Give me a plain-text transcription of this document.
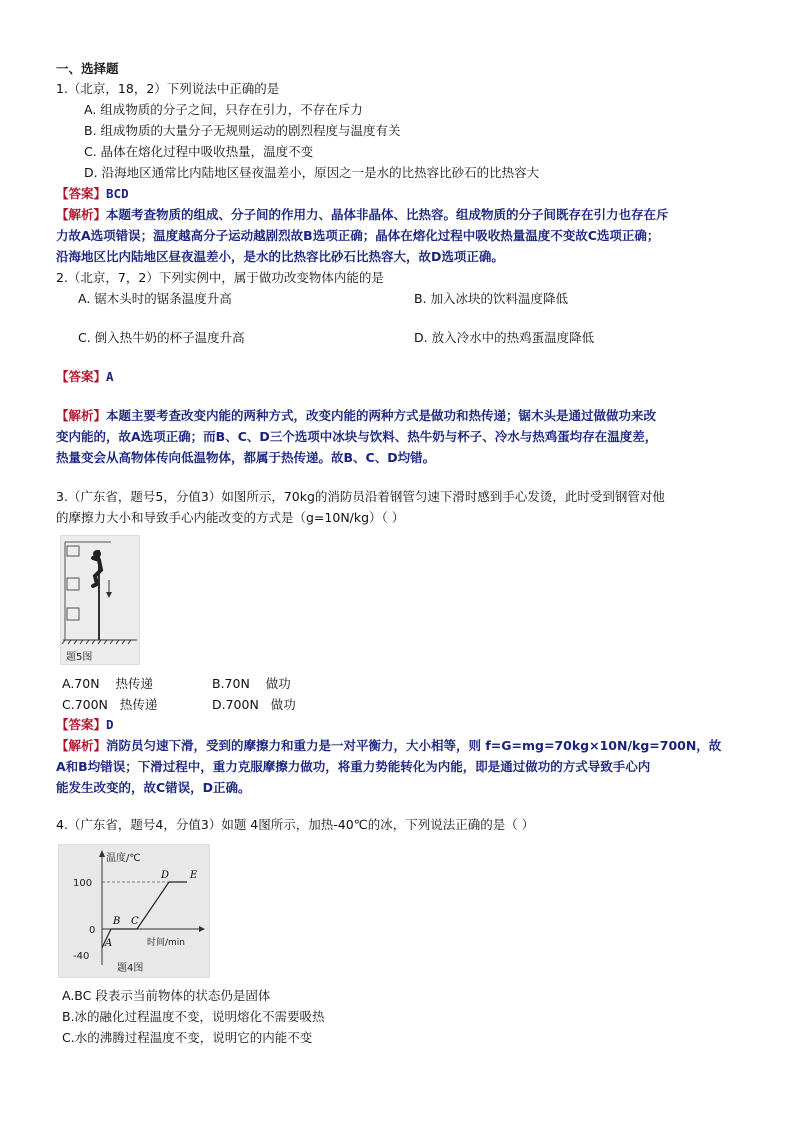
一、选择题
1.（北京，18，2）下列说法中正确的是
A. 组成物质的分子之间，只存在引力，不存在斥力
B. 组成物质的大量分子无规则运动的剧烈程度与温度有关
C. 晶体在熔化过程中吸收热量，温度不变
D. 沿海地区通常比内陆地区昼夜温差小，原因之一是水的比热容比砂石的比热容大
【答案】BCD
【解析】本题考查物质的组成、分子间的作用力、晶体非晶体、比热容。组成物质的分子间既存在引力也存在斥
力故A选项错误；温度越高分子运动越剧烈故B选项正确；晶体在熔化过程中吸收热量温度不变故C选项正确；
沿海地区比内陆地区昼夜温差小，是水的比热容比砂石比热容大，故D选项正确。
2.（北京，7，2）下列实例中，属于做功改变物体内能的是
A. 锯木头时的锯条温度升高	B. 加入冰块的饮料温度降低
C. 倒入热牛奶的杯子温度升高	D. 放入冷水中的热鸡蛋温度降低
【答案】A
【解析】本题主要考查改变内能的两种方式，改变内能的两种方式是做功和热传递；锯木头是通过做做功来改
变内能的，故A选项正确；而B、C、D三个选项中冰块与饮料、热牛奶与杯子、冷水与热鸡蛋均存在温度差，
热量变会从高物体传向低温物体，都属于热传递。故B、C、D均错。
3.（广东省，题号5，分值3）如图所示，70kg的消防员沿着钢管匀速下滑时感到手心发烫，此时受到钢管对他
的摩擦力大小和导致手心内能改变的方式是（g=10N/kg）（ ）
题5图
A.70N    热传递	B.70N    做功
C.700N   热传递	D.700N   做功
【答案】D
【解析】消防员匀速下滑，受到的摩擦力和重力是一对平衡力，大小相等，则 f=G=mg=70kg×10N/kg=700N，故
A和B均错误；下滑过程中，重力克服摩擦力做功，将重力势能转化为内能，即是通过做功的方式导致手心内
能发生改变的，故C错误，D正确。
4.（广东省，题号4，分值3）如题 4图所示，加热-40℃的冰，下列说法正确的是（ ）
温度/℃
时间/min
100
0
-40
A
B C
D E
题4图
A.BC 段表示当前物体的状态仍是固体
B.冰的融化过程温度不变，说明熔化不需要吸热
C.水的沸腾过程温度不变，说明它的内能不变
